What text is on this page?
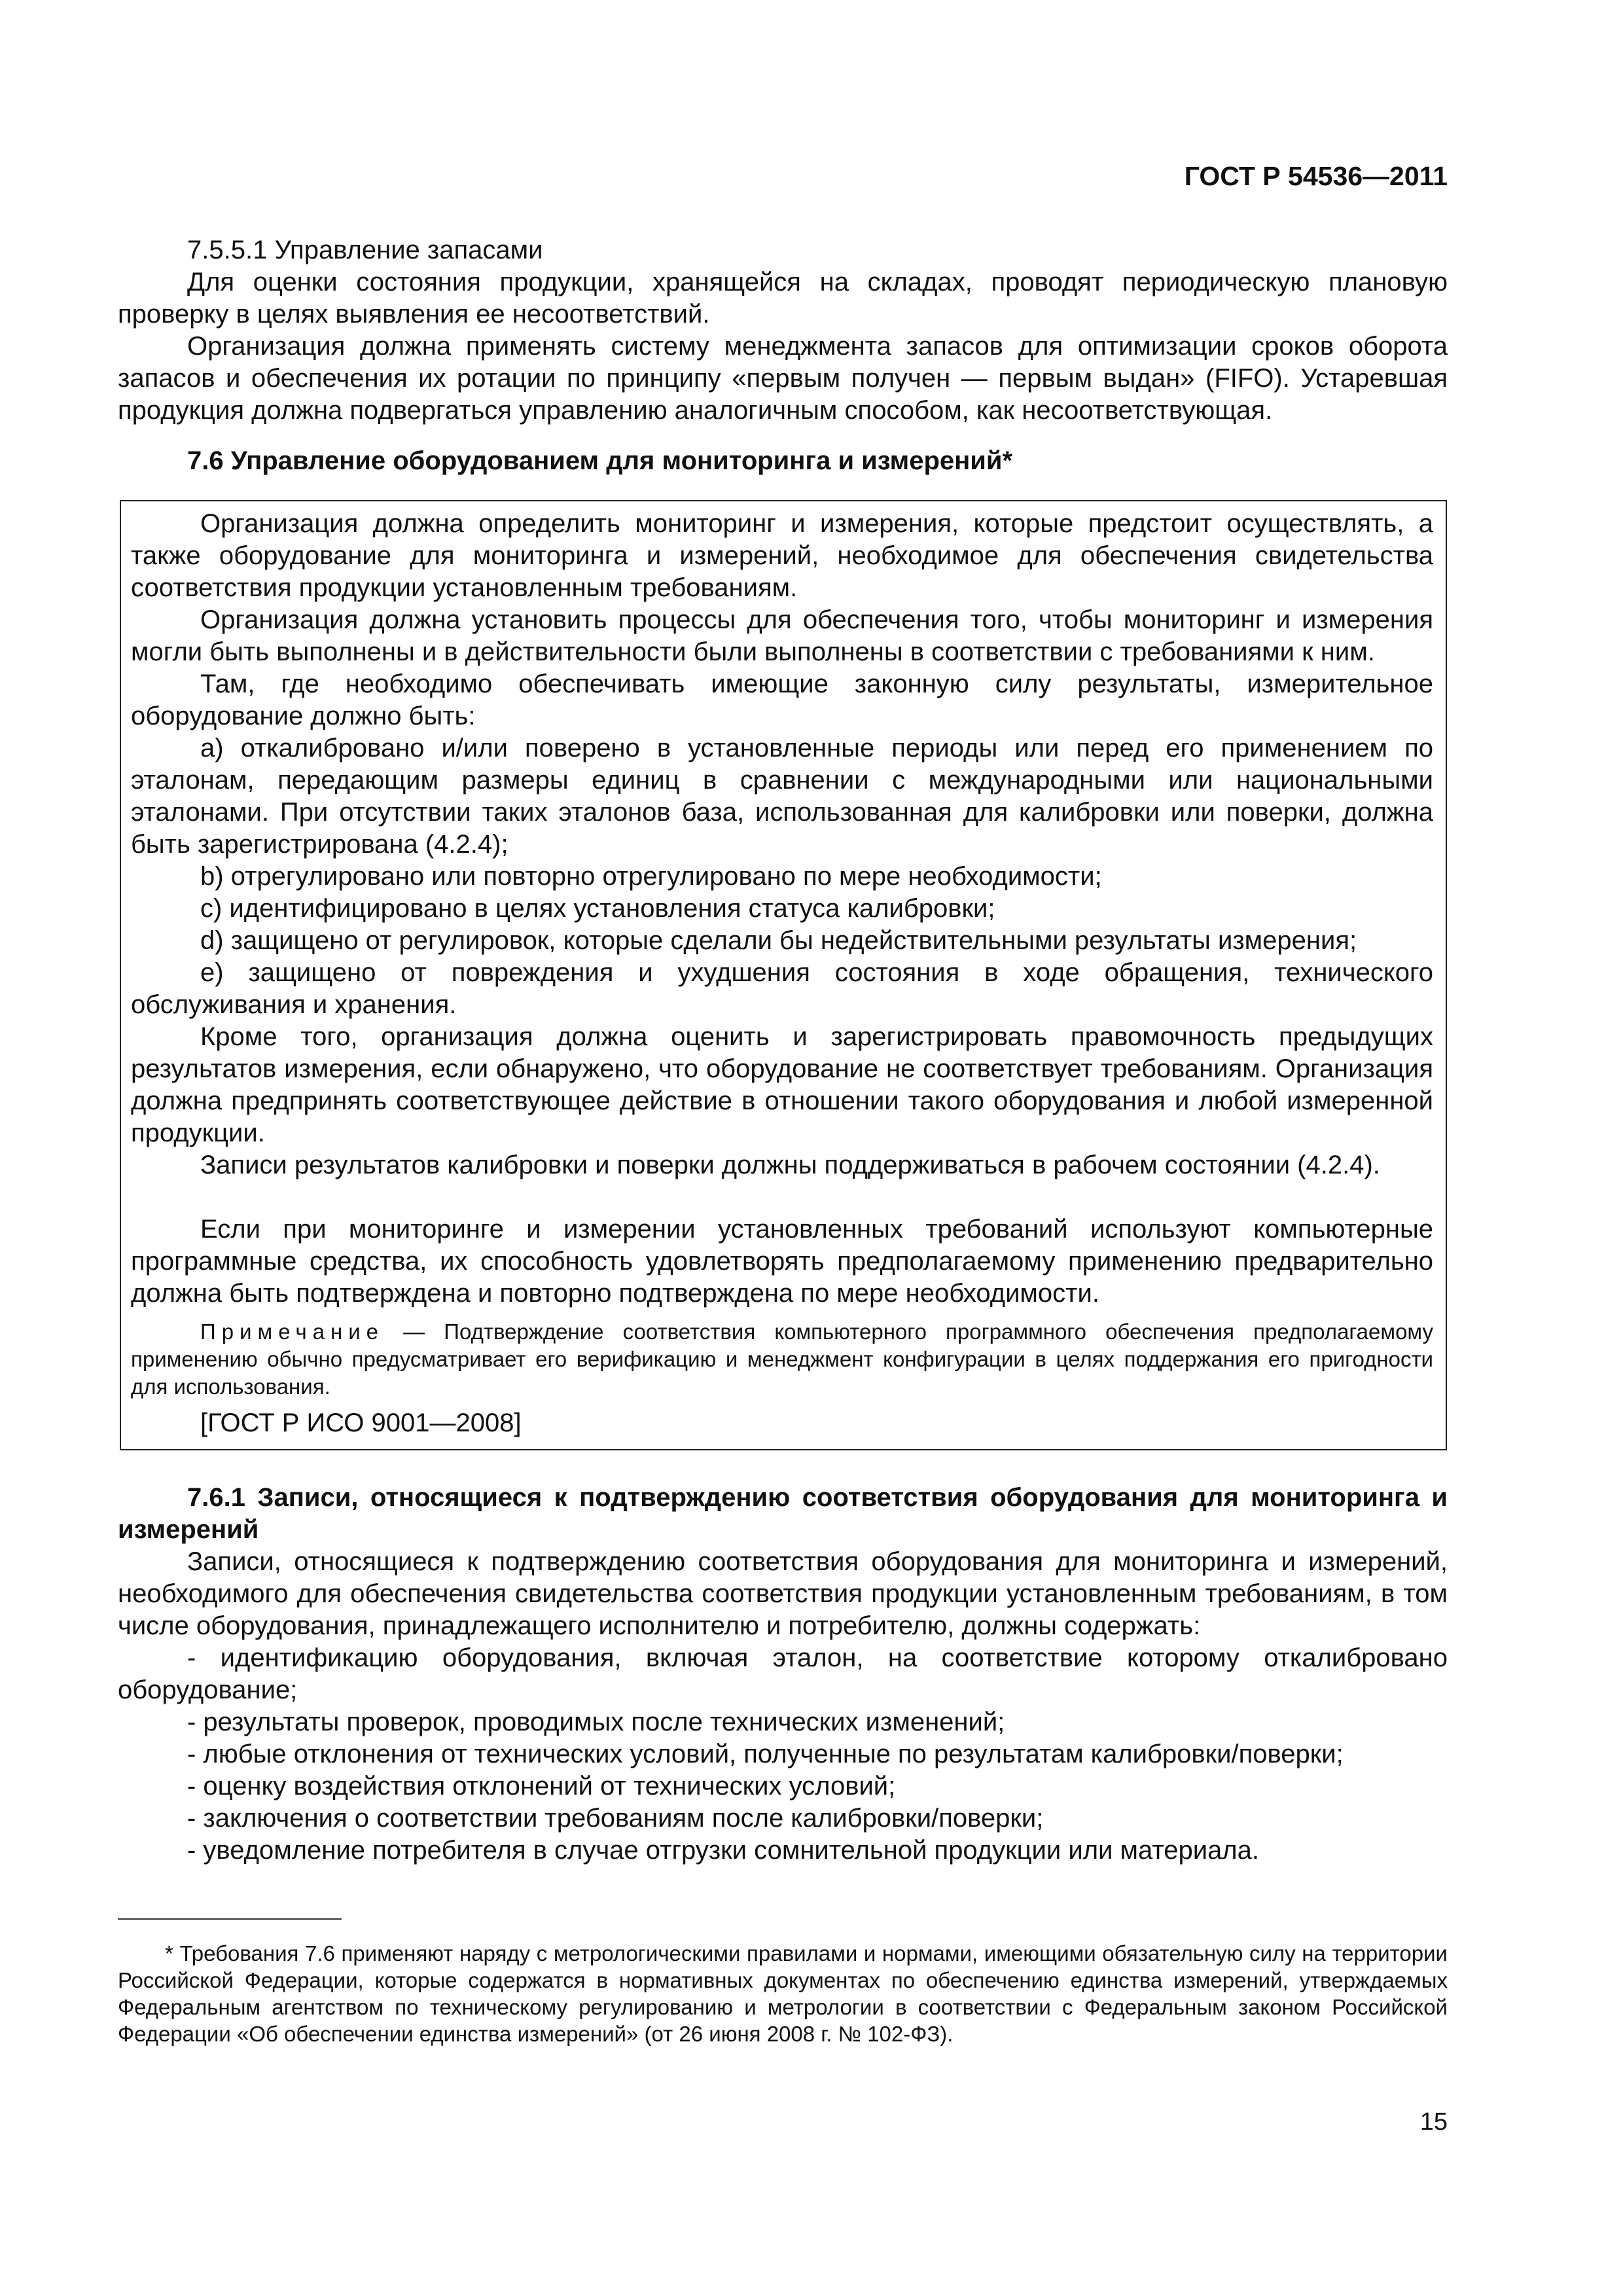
ГОСТ Р 54536—2011

7.5.5.1 Управление запасами

Для оценки состояния продукции, хранящейся на складах, проводят периодическую плановую проверку в целях выявления ее несоответствий.

Организация должна применять систему менеджмента запасов для оптимизации сроков оборота запасов и обеспечения их ротации по принципу «первым получен — первым выдан» (FIFO). Устаревшая продукция должна подвергаться управлению аналогичным способом, как несоответствующая.

7.6 Управление оборудованием для мониторинга и измерений*

Организация должна определить мониторинг и измерения, которые предстоит осуществлять, а также оборудование для мониторинга и измерений, необходимое для обеспечения свидетельства соответствия продукции установленным требованиям.

Организация должна установить процессы для обеспечения того, чтобы мониторинг и измерения могли быть выполнены и в действительности были выполнены в соответствии с требованиями к ним.

Там, где необходимо обеспечивать имеющие законную силу результаты, измерительное оборудование должно быть:

a) откалибровано и/или поверено в установленные периоды или перед его применением по эталонам, передающим размеры единиц в сравнении с международными или национальными эталонами. При отсутствии таких эталонов база, использованная для калибровки или поверки, должна быть зарегистрирована (4.2.4);

b) отрегулировано или повторно отрегулировано по мере необходимости;

c) идентифицировано в целях установления статуса калибровки;

d) защищено от регулировок, которые сделали бы недействительными результаты измерения;

e) защищено от повреждения и ухудшения состояния в ходе обращения, технического обслуживания и хранения.

Кроме того, организация должна оценить и зарегистрировать правомочность предыдущих результатов измерения, если обнаружено, что оборудование не соответствует требованиям. Организация должна предпринять соответствующее действие в отношении такого оборудования и любой измеренной продукции.

Записи результатов калибровки и поверки должны поддерживаться в рабочем состоянии (4.2.4).

Если при мониторинге и измерении установленных требований используют компьютерные программные средства, их способность удовлетворять предполагаемому применению предварительно должна быть подтверждена и повторно подтверждена по мере необходимости.

Примечание — Подтверждение соответствия компьютерного программного обеспечения предполагаемому применению обычно предусматривает его верификацию и менеджмент конфигурации в целях поддержания его пригодности для использования.

[ГОСТ Р ИСО 9001—2008]

7.6.1 Записи, относящиеся к подтверждению соответствия оборудования для мониторинга и измерений

Записи, относящиеся к подтверждению соответствия оборудования для мониторинга и измерений, необходимого для обеспечения свидетельства соответствия продукции установленным требованиям, в том числе оборудования, принадлежащего исполнителю и потребителю, должны содержать:

- идентификацию оборудования, включая эталон, на соответствие которому откалибровано оборудование;

- результаты проверок, проводимых после технических изменений;

- любые отклонения от технических условий, полученные по результатам калибровки/поверки;

- оценку воздействия отклонений от технических условий;

- заключения о соответствии требованиям после калибровки/поверки;

- уведомление потребителя в случае отгрузки сомнительной продукции или материала.

* Требования 7.6 применяют наряду с метрологическими правилами и нормами, имеющими обязательную силу на территории Российской Федерации, которые содержатся в нормативных документах по обеспечению единства измерений, утверждаемых Федеральным агентством по техническому регулированию и метрологии в соответствии с Федеральным законом Российской Федерации «Об обеспечении единства измерений» (от 26 июня 2008 г. № 102-ФЗ).

15
